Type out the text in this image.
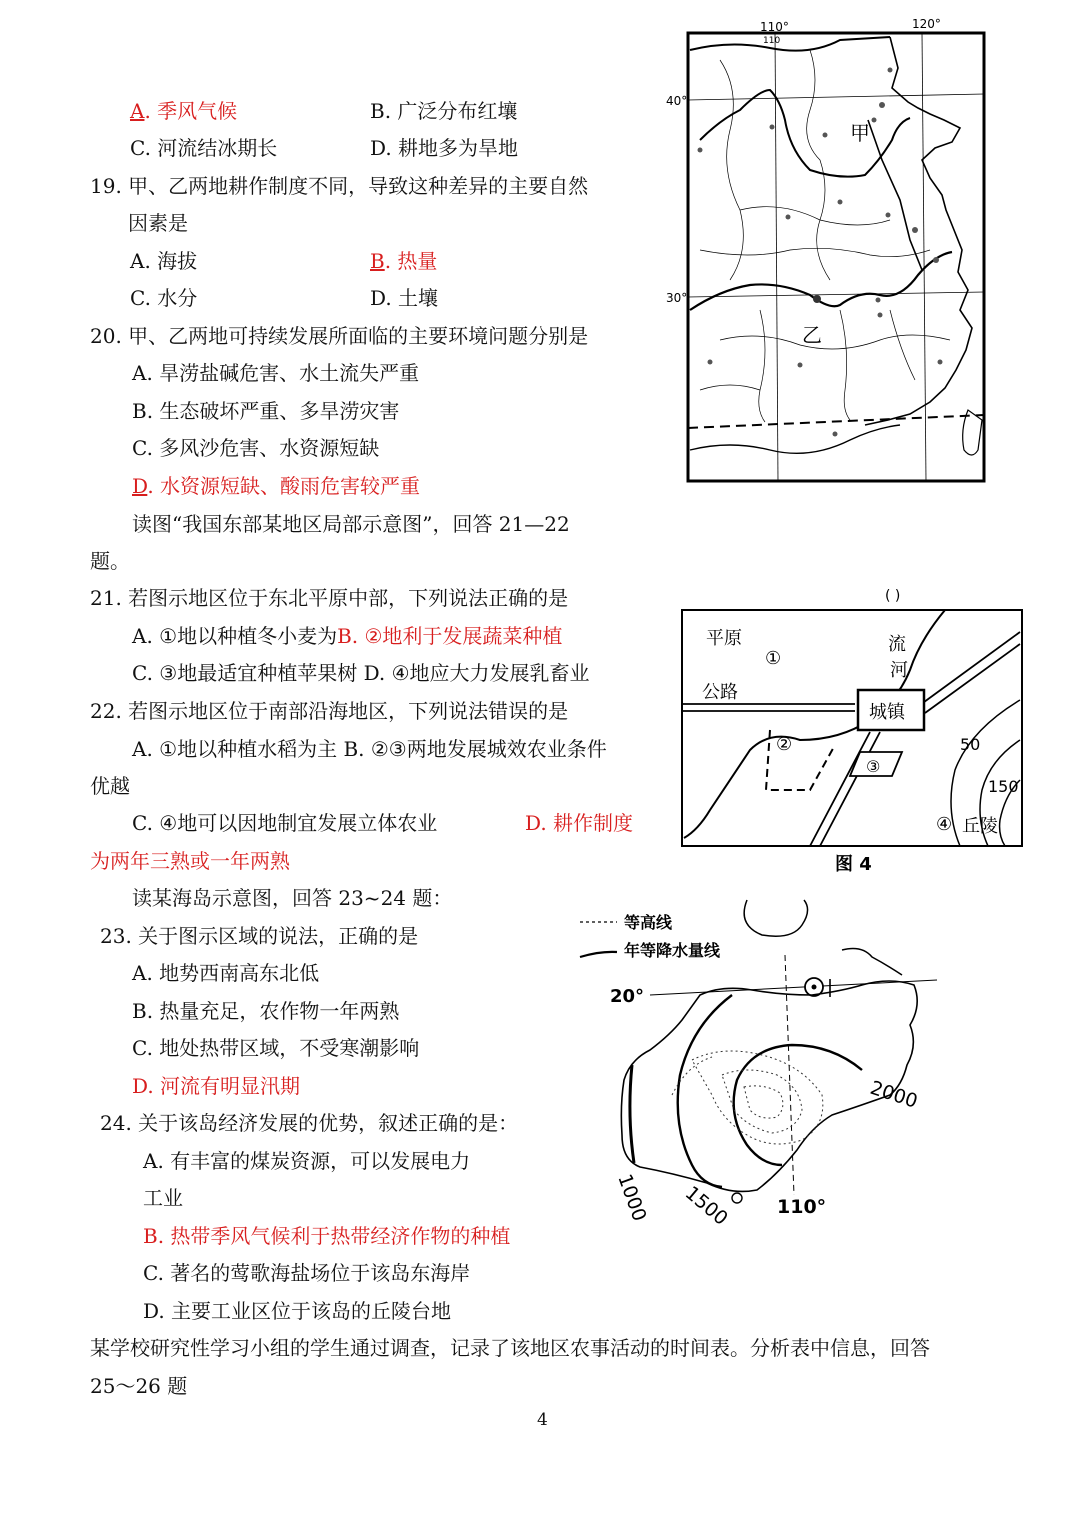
A. 季风气候	B. 广泛分布红壤
C. 河流结冰期长	D. 耕地多为旱地
19. 甲、乙两地耕作制度不同，导致这种差异的主要自然
因素是
A. 海拔	B. 热量
C. 水分	D. 土壤
20. 甲、乙两地可持续发展所面临的主要环境问题分别是
A. 旱涝盐碱危害、水土流失严重
B. 生态破坏严重、多旱涝灾害
C. 多风沙危害、水资源短缺
D. 水资源短缺、酸雨危害较严重
读图“我国东部某地区局部示意图”，回答 21—22
题。
21. 若图示地区位于东北平原中部，下列说法正确的是
A. ①地以种植冬小麦为B. ②地利于发展蔬菜种植
C. ③地最适宜种植苹果树 D. ④地应大力发展乳畜业
22. 若图示地区位于南部沿海地区，下列说法错误的是
A. ①地以种植水稻为主 B. ②③两地发展城效农业条件
优越
C. ④地可以因地制宜发展立体农业	D. 耕作制度
为两年三熟或一年两熟
读某海岛示意图，回答 23~24 题：
23. 关于图示区域的说法，正确的是
A. 地势西南高东北低
B. 热量充足，农作物一年两熟
C. 地处热带区域，不受寒潮影响
D. 河流有明显汛期
24. 关于该岛经济发展的优势，叙述正确的是：
A. 有丰富的煤炭资源，可以发展电力
工业
B. 热带季风气候利于热带经济作物的种植
C. 著名的莺歌海盐场位于该岛东海岸
D. 主要工业区位于该岛的丘陵台地
某学校研究性学习小组的学生通过调查，记录了该地区农事活动的时间表。分析表中信息，回答
25～26 题
4
110°	120°
110
40°
30°
甲
乙
( )
平原
①
流
河
公路
城镇
②
③
50
150
④ 丘陵
图 4
等高线
年等降水量线
20°
2000
1000 1500 110°
